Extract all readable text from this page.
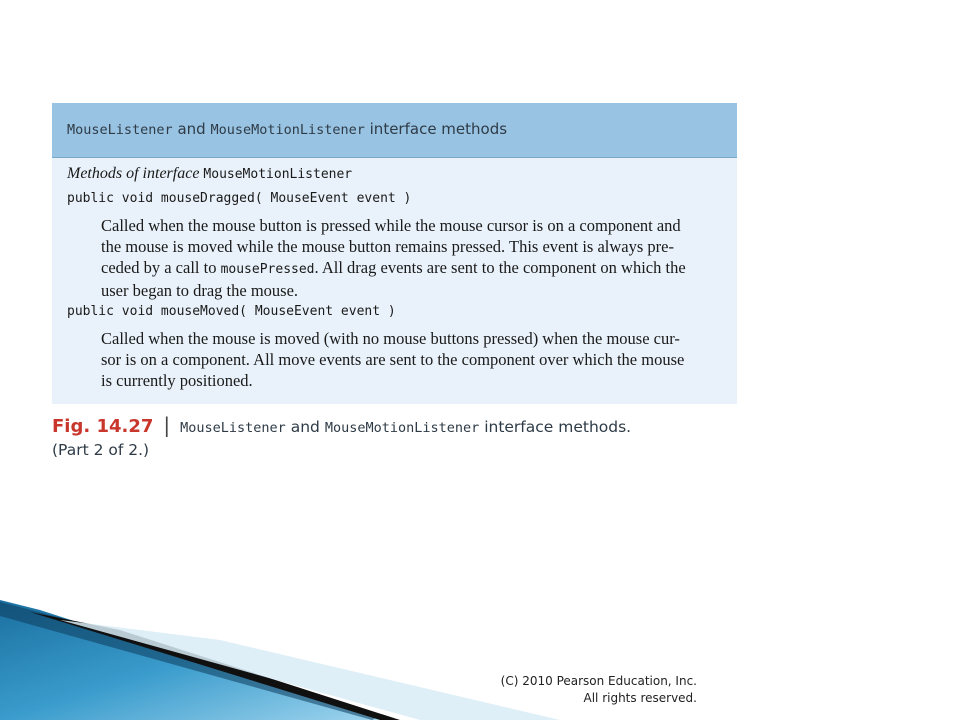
MouseListener and MouseMotionListener interface methods
Methods of interface MouseMotionListener
public void mouseDragged( MouseEvent event )
Called when the mouse button is pressed while the mouse cursor is on a component and
the mouse is moved while the mouse button remains pressed. This event is always pre-
ceded by a call to mousePressed. All drag events are sent to the component on which the
user began to drag the mouse.
public void mouseMoved( MouseEvent event )
Called when the mouse is moved (with no mouse buttons pressed) when the mouse cur-
sor is on a component. All move events are sent to the component over which the mouse
is currently positioned.
Fig. 14.27 | MouseListener and MouseMotionListener interface methods.
(Part 2 of 2.)
(C) 2010 Pearson Education, Inc.
All rights reserved.
